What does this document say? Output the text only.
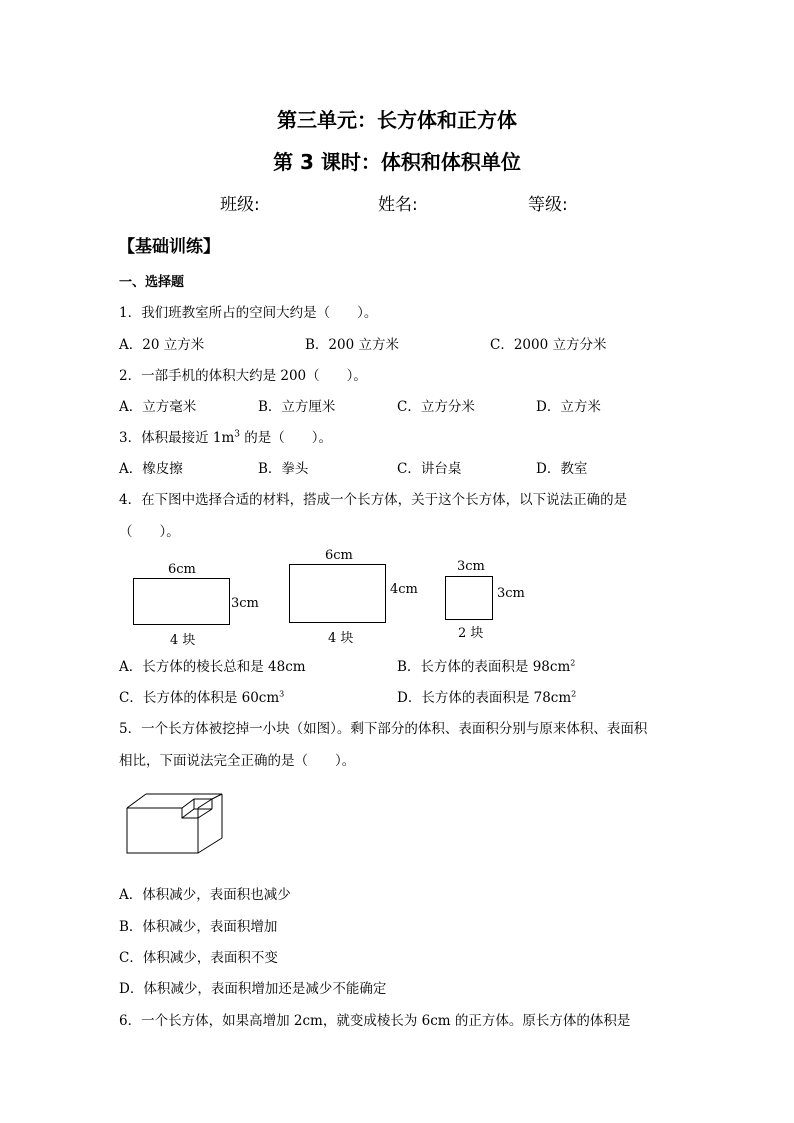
第三单元：长方体和正方体
第 3 课时：体积和体积单位
班级:	姓名:	等级:
【基础训练】
一、选择题
1．我们班教室所占的空间大约是（　　）。
A．20 立方米	B．200 立方米	C．2000 立方分米
2．一部手机的体积大约是 200（　　）。
A．立方毫米	B．立方厘米	C．立方分米	D．立方米
3．体积最接近 $1m^3$ 的是（　　）。
A．橡皮擦	B．拳头	C．讲台桌	D．教室
4．在下图中选择合适的材料，搭成一个长方体，关于这个长方体，以下说法正确的是
（　　）。
6cm
3cm
4 块
6cm
4cm
4 块
3cm
3cm
2 块
A．长方体的棱长总和是 48cm	B．长方体的表面积是 $98cm^2$
C．长方体的体积是 $60cm^3$	D．长方体的表面积是 $78cm^2$
5．一个长方体被挖掉一小块（如图）。剩下部分的体积、表面积分别与原来体积、表面积
相比，下面说法完全正确的是（　　）。
A．体积减少，表面积也减少
B．体积减少，表面积增加
C．体积减少，表面积不变
D．体积减少，表面积增加还是减少不能确定
6．一个长方体，如果高增加 2cm，就变成棱长为 6cm 的正方体。原长方体的体积是
